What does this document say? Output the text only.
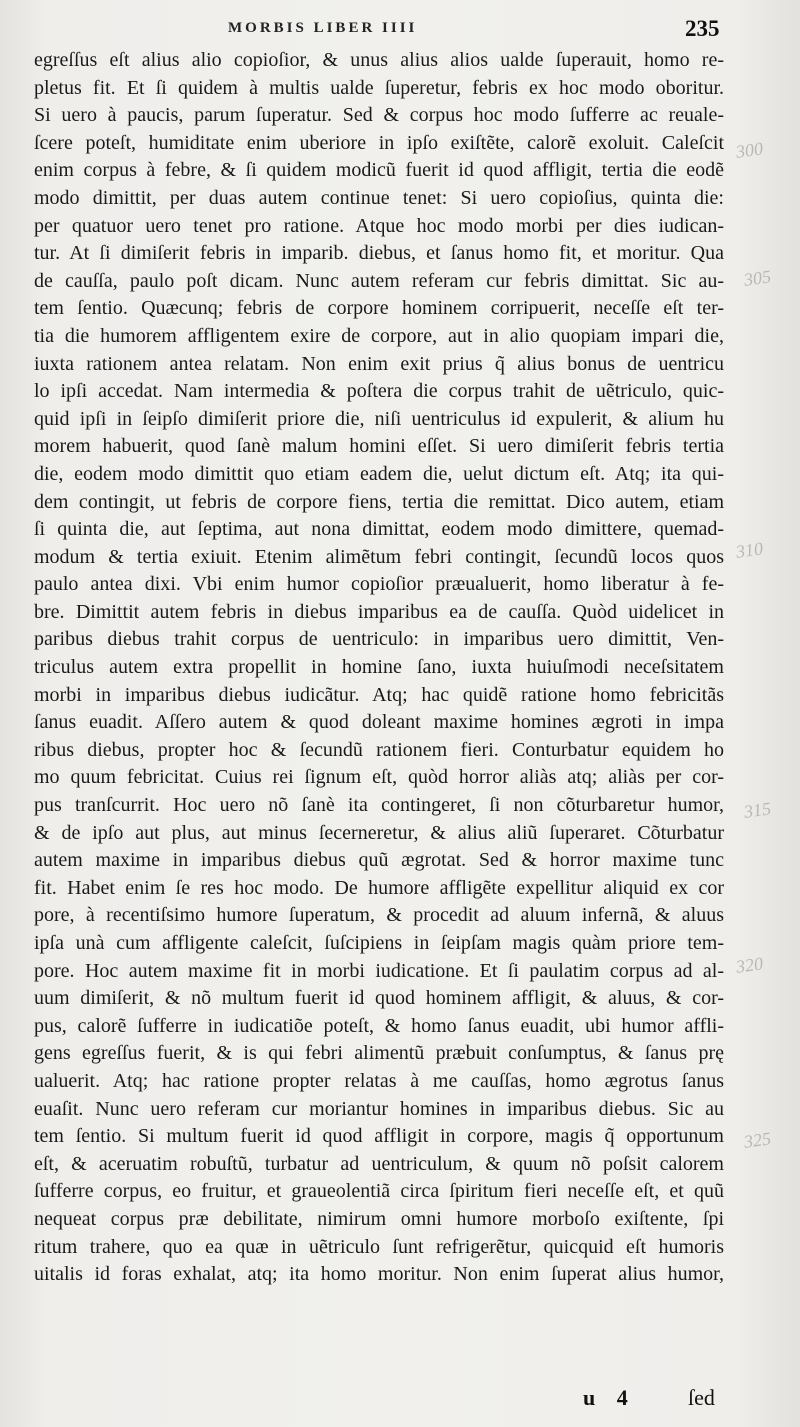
MORBIS LIBER IIII	235
egreſſus eſt alius alio copioſior, & unus alius alios ualde ſuperauit, homo re-
pletus fit. Et ſi quidem à multis ualde ſuperetur, febris ex hoc modo oboritur.
Si uero à paucis, parum ſuperatur. Sed & corpus hoc modo ſufferre ac reuale-
ſcere poteſt, humiditate enim uberiore in ipſo exiſtẽte, calorẽ exoluit. Caleſcit
enim corpus à febre, & ſi quidem modicũ fuerit id quod affligit, tertia die eodẽ
modo dimittit, per duas autem continue tenet: Si uero copioſius, quinta die:
per quatuor uero tenet pro ratione. Atque hoc modo morbi per dies iudican-
tur. At ſi dimiſerit febris in imparib. diebus, et ſanus homo fit, et moritur. Qua
de cauſſa, paulo poſt dicam. Nunc autem referam cur febris dimittat. Sic au-
tem ſentio. Quæcunq; febris de corpore hominem corripuerit, neceſſe eſt ter-
tia die humorem affligentem exire de corpore, aut in alio quopiam impari die,
iuxta rationem antea relatam. Non enim exit prius q̃ alius bonus de uentricu
lo ipſi accedat. Nam intermedia & poſtera die corpus trahit de uẽtriculo, quic-
quid ipſi in ſeipſo dimiſerit priore die, niſi uentriculus id expulerit, & alium hu
morem habuerit, quod ſanè malum homini eſſet. Si uero dimiſerit febris tertia
die, eodem modo dimittit quo etiam eadem die, uelut dictum eſt. Atq; ita qui-
dem contingit, ut febris de corpore fiens, tertia die remittat. Dico autem, etiam
ſi quinta die, aut ſeptima, aut nona dimittat, eodem modo dimittere, quemad-
modum & tertia exiuit. Etenim alimẽtum febri contingit, ſecundũ locos quos
paulo antea dixi. Vbi enim humor copioſior præualuerit, homo liberatur à fe-
bre. Dimittit autem febris in diebus imparibus ea de cauſſa. Quòd uidelicet in
paribus diebus trahit corpus de uentriculo: in imparibus uero dimittit, Ven-
triculus autem extra propellit in homine ſano, iuxta huiuſmodi neceſsitatem
morbi in imparibus diebus iudicãtur. Atq; hac quidẽ ratione homo febricitãs
ſanus euadit. Aſſero autem & quod doleant maxime homines ægroti in impa
ribus diebus, propter hoc & ſecundũ rationem fieri. Conturbatur equidem ho
mo quum febricitat. Cuius rei ſignum eſt, quòd horror aliàs atq; aliàs per cor-
pus tranſcurrit. Hoc uero nõ ſanè ita contingeret, ſi non cõturbaretur humor,
& de ipſo aut plus, aut minus ſecerneretur, & alius aliũ ſuperaret. Cõturbatur
autem maxime in imparibus diebus quũ ægrotat. Sed & horror maxime tunc
fit. Habet enim ſe res hoc modo. De humore affligẽte expellitur aliquid ex cor
pore, à recentiſsimo humore ſuperatum, & procedit ad aluum infernã, & aluus
ipſa unà cum affligente caleſcit, ſuſcipiens in ſeipſam magis quàm priore tem-
pore. Hoc autem maxime fit in morbi iudicatione. Et ſi paulatim corpus ad al-
uum dimiſerit, & nõ multum fuerit id quod hominem affligit, & aluus, & cor-
pus, calorẽ ſufferre in iudicatiõe poteſt, & homo ſanus euadit, ubi humor affli-
gens egreſſus fuerit, & is qui febri alimentũ præbuit conſumptus, & ſanus prę
ualuerit. Atq; hac ratione propter relatas à me cauſſas, homo ægrotus ſanus
euaſit. Nunc uero referam cur moriantur homines in imparibus diebus. Sic au
tem ſentio. Si multum fuerit id quod affligit in corpore, magis q̃ opportunum
eſt, & aceruatim robuſtũ, turbatur ad uentriculum, & quum nõ poſsit calorem
ſufferre corpus, eo fruitur, et graueolentiã circa ſpiritum fieri neceſſe eſt, et quũ
nequeat corpus præ debilitate, nimirum omni humore morboſo exiſtente, ſpi
ritum trahere, quo ea quæ in uẽtriculo ſunt refrigerẽtur, quicquid eſt humoris
uitalis id foras exhalat, atq; ita homo moritur. Non enim ſuperat alius humor,
300
305
310
315
320
325
u 4 ſed
